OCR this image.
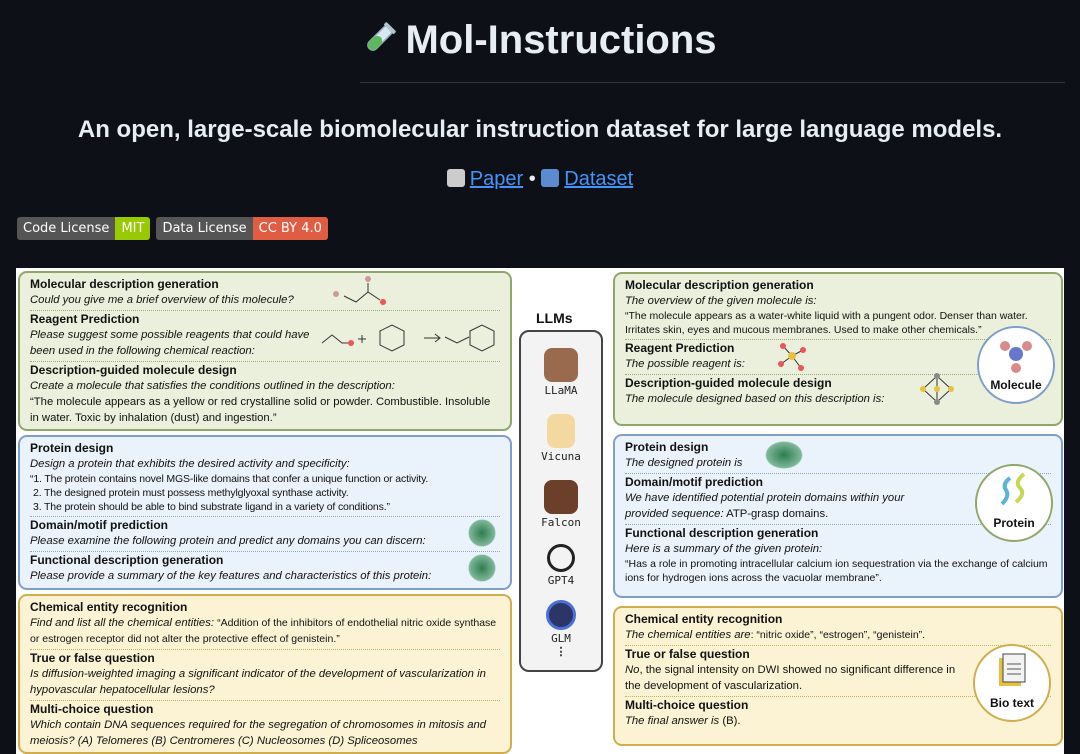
Mol-Instructions
An open, large-scale biomolecular instruction dataset for large language models.
Paper • Dataset
Code License MIT	Data License CC BY 4.0
Molecular description generation
Could you give me a brief overview of this molecule?
Reagent Prediction
Please suggest some possible reagents that could have been used in the following chemical reaction:
Description-guided molecule design
Create a molecule that satisfies the conditions outlined in the description:
“The molecule appears as a yellow or red crystalline solid or powder. Combustible. Insoluble in water. Toxic by inhalation (dust) and ingestion.”
Protein design
Design a protein that exhibits the desired activity and specificity:
“1. The protein contains novel MGS-like domains that confer a unique function or activity.
2. The designed protein must possess methylglyoxal synthase activity.
3. The protein should be able to bind substrate ligand in a variety of conditions.”
Domain/motif prediction
Please examine the following protein and predict any domains you can discern:
Functional description generation
Please provide a summary of the key features and characteristics of this protein:
Chemical entity recognition
Find and list all the chemical entities: “Addition of the inhibitors of endothelial nitric oxide synthase or estrogen receptor did not alter the protective effect of genistein.”
True or false question
Is diffusion-weighted imaging a significant indicator of the development of vascularization in hypovascular hepatocellular lesions?
Multi-choice question
Which contain DNA sequences required for the segregation of chromosomes in mitosis and meiosis? (A) Telomeres (B) Centromeres (C) Nucleosomes (D) Spliceosomes
LLMs
LLaMA
Vicuna
Falcon
GPT4
GLM
⋮
Molecular description generation
The overview of the given molecule is:
“The molecule appears as a water-white liquid with a pungent odor. Denser than water. Irritates skin, eyes and mucous membranes. Used to make other chemicals.”
Reagent Prediction
The possible reagent is:
Description-guided molecule design
The molecule designed based on this description is:
Molecule
Protein design
The designed protein is
Domain/motif prediction
We have identified potential protein domains within your provided sequence: ATP-grasp domains.
Functional description generation
Here is a summary of the given protein:
“Has a role in promoting intracellular calcium ion sequestration via the exchange of calcium ions for hydrogen ions across the vacuolar membrane”.
Protein
Chemical entity recognition
The chemical entities are: “nitric oxide”, “estrogen”, “genistein”.
True or false question
No, the signal intensity on DWI showed no significant difference in the development of vascularization.
Multi-choice question
The final answer is (B).
Bio text
